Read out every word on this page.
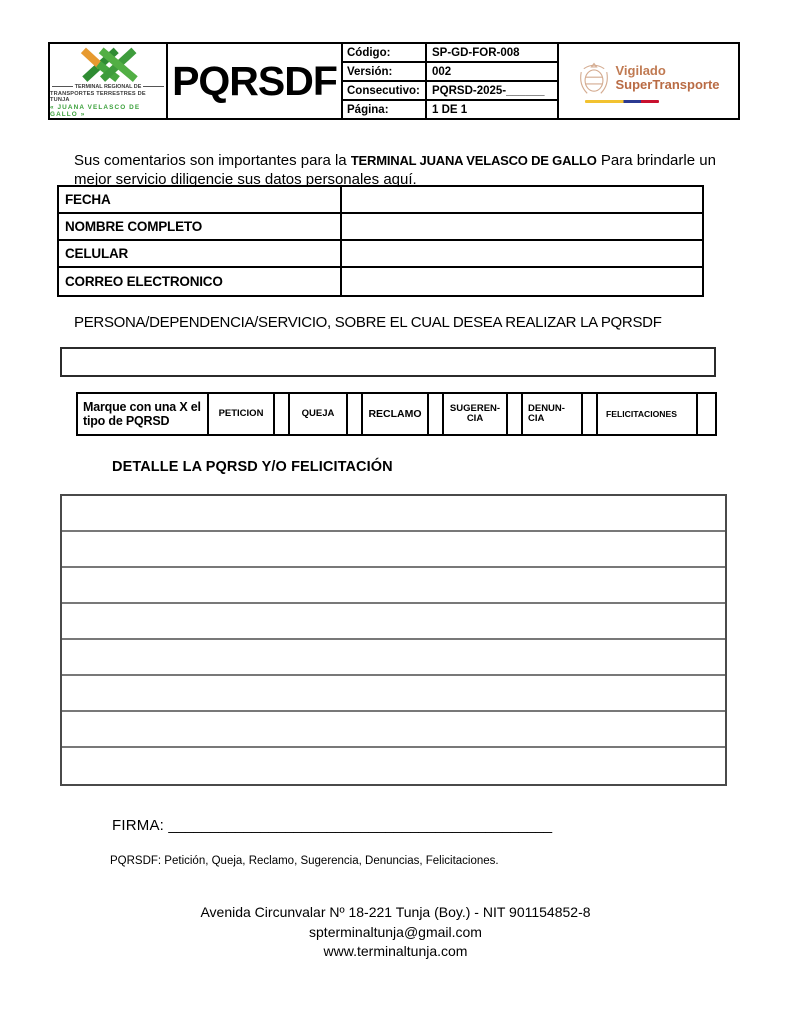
TERMINAL REGIONAL DE
TRANSPORTES TERRESTRES DE TUNJA
« JUANA VELASCO DE GALLO »
PQRSDF
Código:	SP-GD-FOR-008
Versión:	002
Consecutivo:	PQRSD-2025-______
Página:	1 DE 1
Vigilado
SuperTransporte

Sus comentarios son importantes para la TERMINAL JUANA VELASCO DE GALLO Para brindarle un mejor servicio diligencie sus datos personales aquí.

FECHA
NOMBRE COMPLETO
CELULAR
CORREO ELECTRONICO
PERSONA/DEPENDENCIA/SERVICIO, SOBRE EL CUAL DESEA REALIZAR LA PQRSDF
Marque con una X el tipo de PQRSD
PETICION	QUEJA	RECLAMO	SUGEREN-CIA
DENUN-CIA	FELICITACIONES
DETALLE LA PQRSD Y/O FELICITACIÓN
FIRMA: ______________________________________________
PQRSDF: Petición, Queja, Reclamo, Sugerencia, Denuncias, Felicitaciones.
Avenida Circunvalar Nº 18-221 Tunja (Boy.) - NIT 901154852-8
spterminaltunja@gmail.com
www.terminaltunja.com
